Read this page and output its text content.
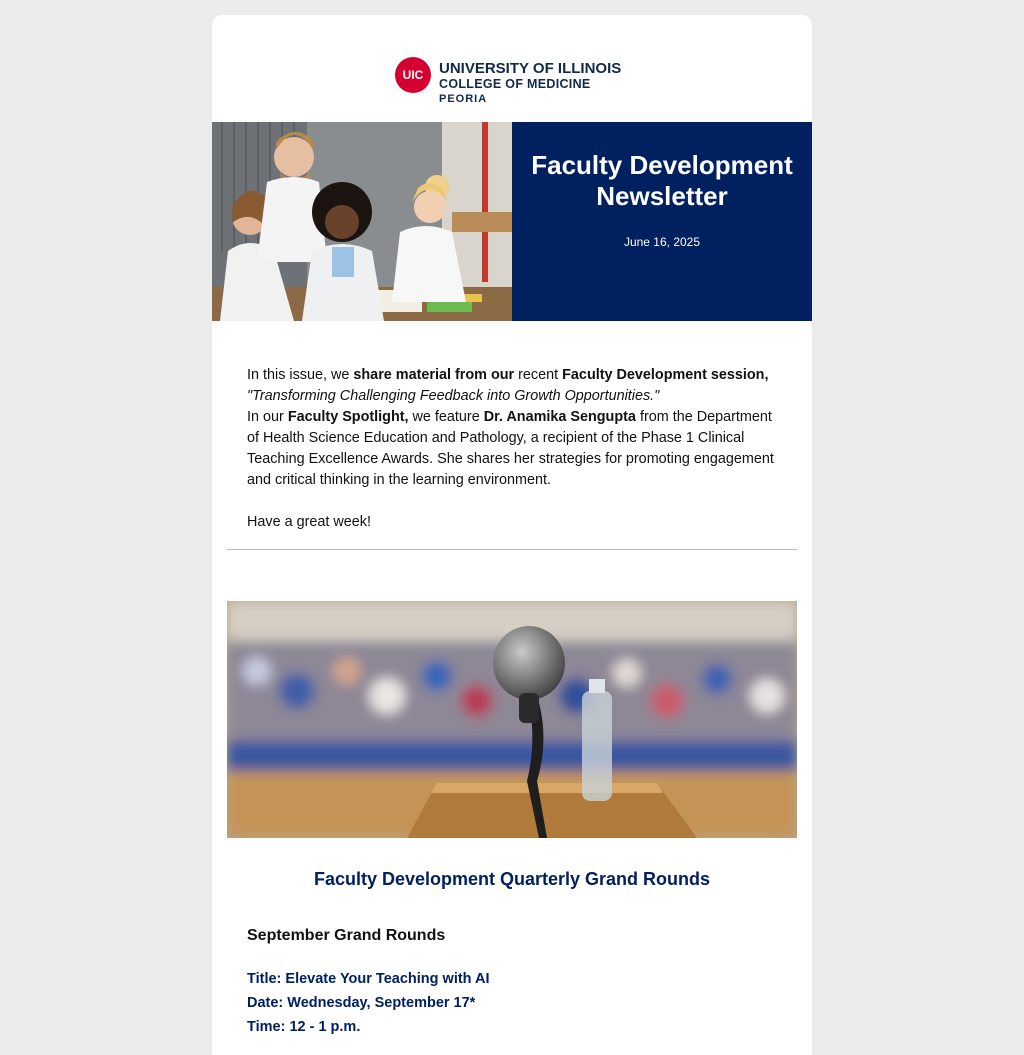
UIC	UNIVERSITY OF ILLINOIS
COLLEGE OF MEDICINE
PEORIA
Faculty Development Newsletter
June 16, 2025

In this issue, we share material from our recent Faculty Development session,
"Transforming Challenging Feedback into Growth Opportunities."

In our Faculty Spotlight, we feature Dr. Anamika Sengupta from the Department of Health Science Education and Pathology, a recipient of the Phase 1 Clinical Teaching Excellence Awards. She shares her strategies for promoting engagement and critical thinking in the learning environment.

Have a great week!

Faculty Development Quarterly Grand Rounds
September Grand Rounds
Title: Elevate Your Teaching with AI
Date: Wednesday, September 17*
Time: 12 - 1 p.m.
